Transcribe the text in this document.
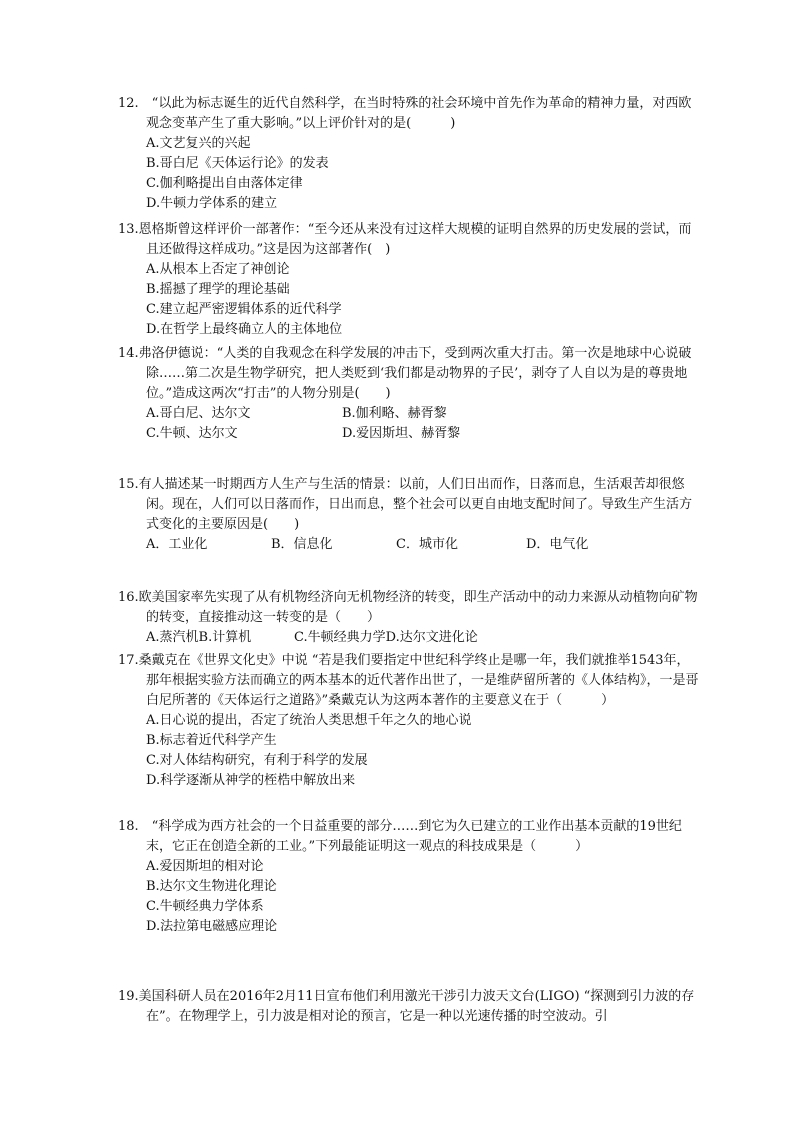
12.　“以此为标志诞生的近代自然科学，在当时特殊的社会环境中首先作为革命的精神力量，对西欧观念变革产生了重大影响。”以上评价针对的是(　　　)

A.文艺复兴的兴起

B.哥白尼《天体运行论》的发表

C.伽利略提出自由落体定律

D.牛顿力学体系的建立

13.恩格斯曾这样评价一部著作：“至今还从来没有过这样大规模的证明自然界的历史发展的尝试，而且还做得这样成功。”这是因为这部著作(　)

A.从根本上否定了神创论

B.摇撼了理学的理论基础

C.建立起严密逻辑体系的近代科学

D.在哲学上最终确立人的主体地位

14.弗洛伊德说：“人类的自我观念在科学发展的冲击下，受到两次重大打击。第一次是地球中心说破除……第二次是生物学研究，把人类贬到‘我们都是动物界的子民’，剥夺了人自以为是的尊贵地位。”造成这两次“打击”的人物分别是(　　)

A.哥白尼、达尔文	B.伽利略、赫胥黎

C.牛顿、达尔文	D.爱因斯坦、赫胥黎

15.有人描述某一时期西方人生产与生活的情景：以前，人们日出而作，日落而息，生活艰苦却很悠闲。现在，人们可以日落而作，日出而息，整个社会可以更自由地支配时间了。导致生产生活方式变化的主要原因是(　　)

A．工业化	B．信息化	C．城市化	D．电气化

16.欧美国家率先实现了从有机物经济向无机物经济的转变，即生产活动中的动力来源从动植物向矿物的转变，直接推动这一转变的是（　　）

A.蒸汽机B.计算机	C.牛顿经典力学D.达尔文进化论

17.桑戴克在《世界文化史》中说 “若是我们要指定中世纪科学终止是哪一年，我们就推举1543年，那年根据实验方法而确立的两本基本的近代著作出世了，一是维萨留所著的《人体结构》，一是哥白尼所著的《天体运行之道路》”桑戴克认为这两本著作的主要意义在于（　　　）

A.日心说的提出，否定了统治人类思想千年之久的地心说

B.标志着近代科学产生

C.对人体结构研究，有利于科学的发展

D.科学逐渐从神学的桎梏中解放出来

18.　“科学成为西方社会的一个日益重要的部分……到它为久已建立的工业作出基本贡献的19世纪末，它正在创造全新的工业。”下列最能证明这一观点的科技成果是（　　　）

A.爱因斯坦的相对论

B.达尔文生物进化理论

C.牛顿经典力学体系

D.法拉第电磁感应理论

19.美国科研人员在2016年2月11日宣布他们利用激光干涉引力波天文台(LIGO) “探测到引力波的存在”。在物理学上，引力波是相对论的预言，它是一种以光速传播的时空波动。引
